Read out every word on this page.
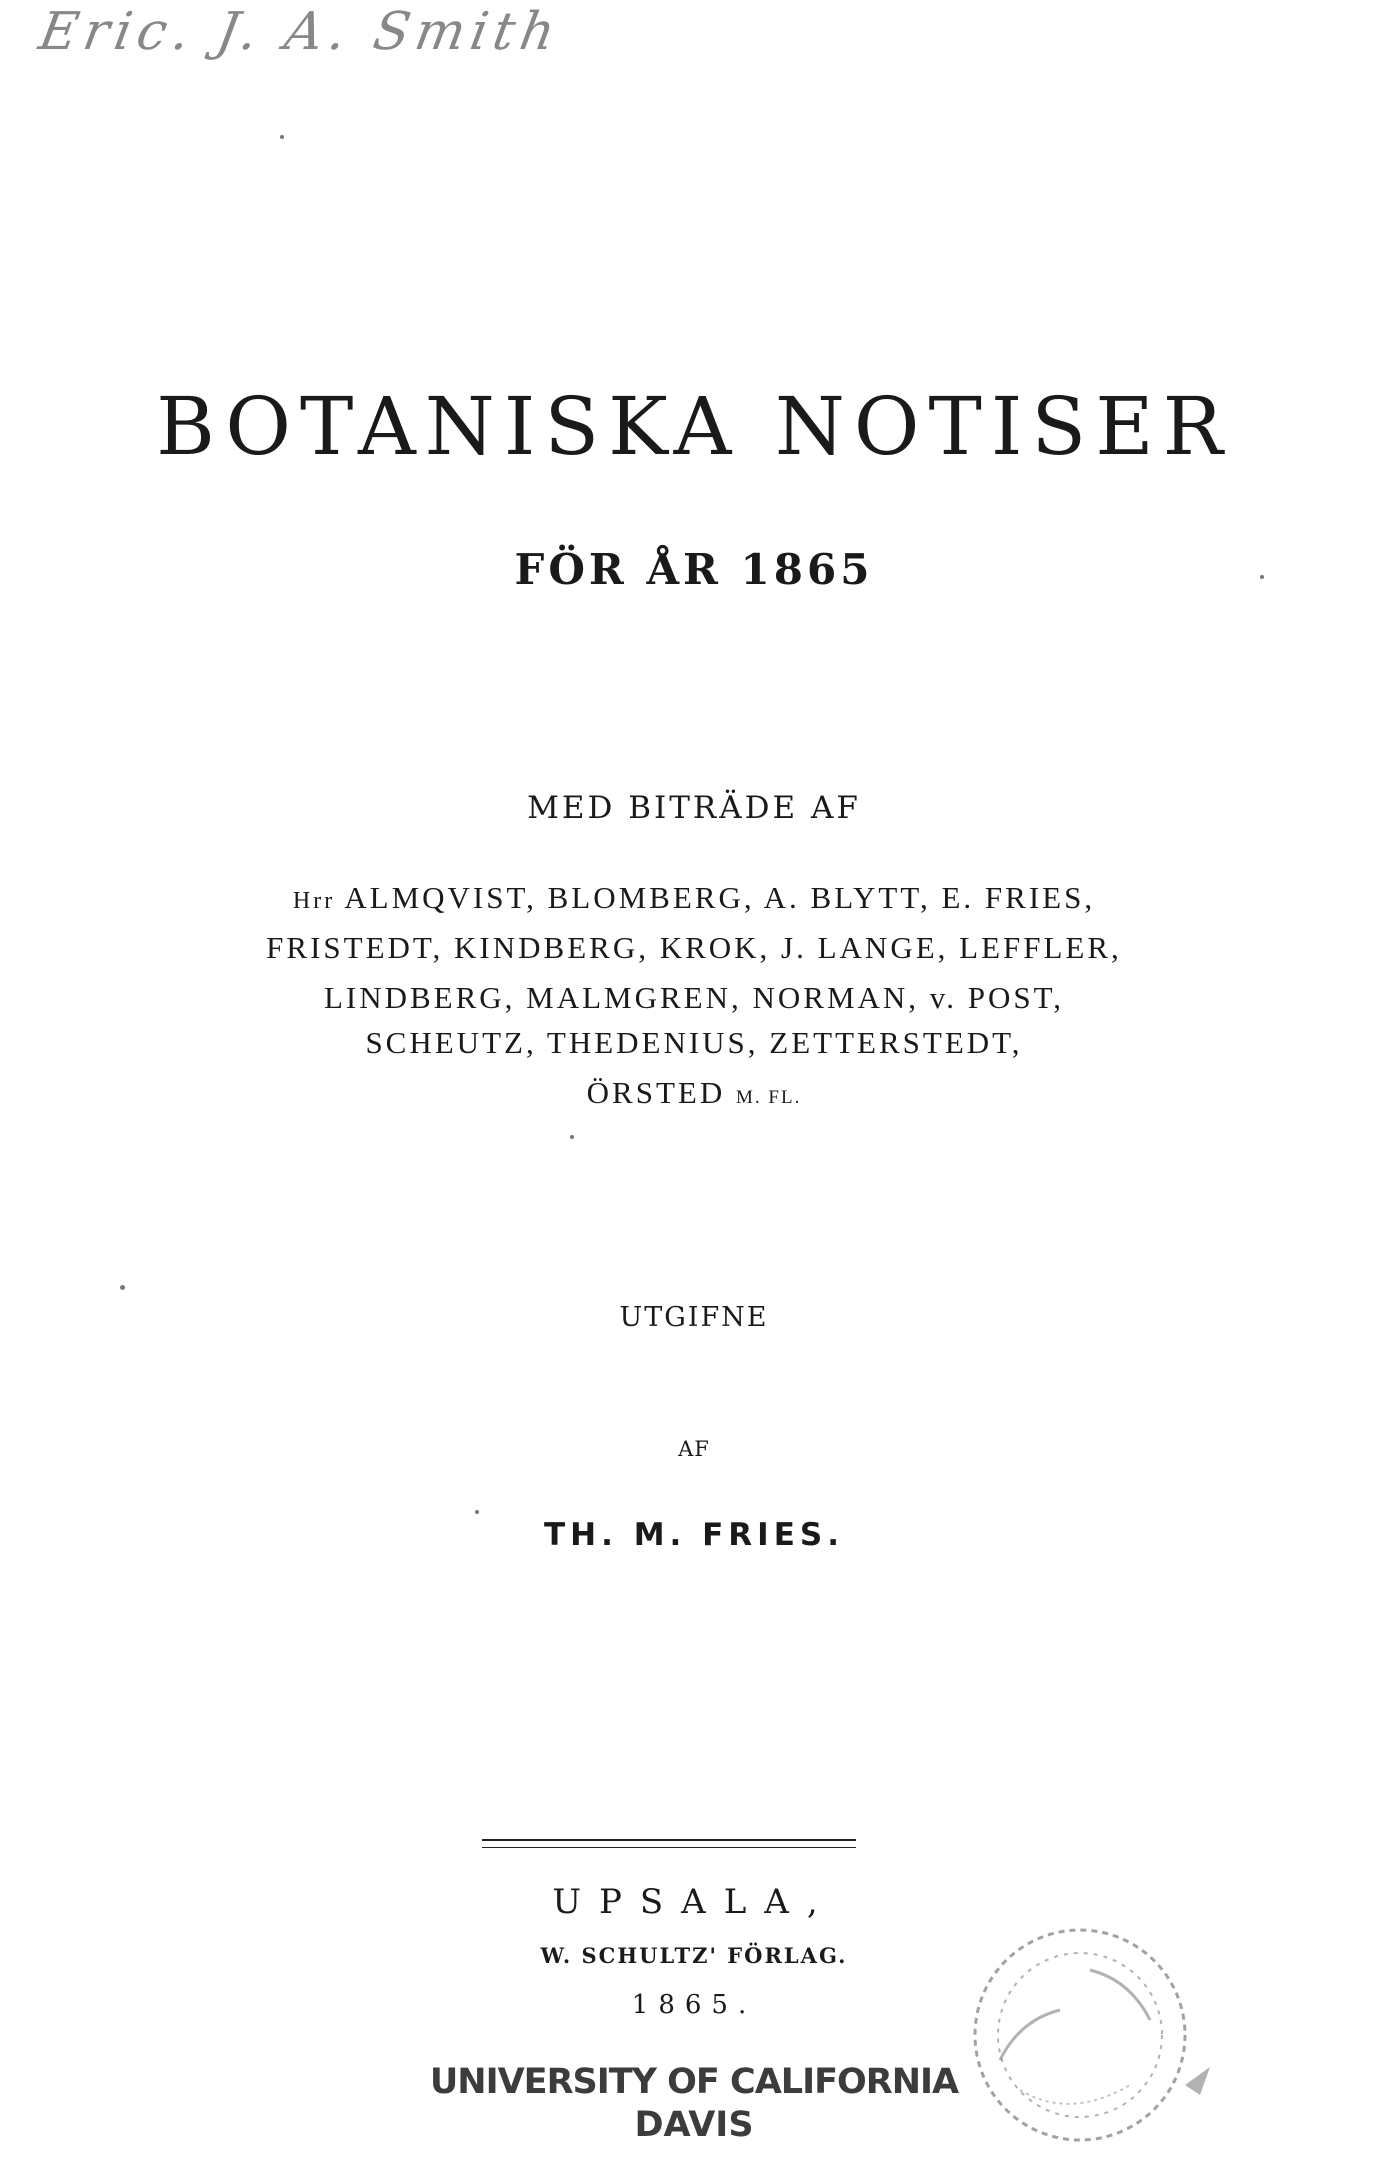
Eric. J. A. Smith
BOTANISKA NOTISER
FÖR ÅR 1865
MED BITRÄDE AF
Hrr ALMQVIST, BLOMBERG, A. BLYTT, E. FRIES,
FRISTEDT, KINDBERG, KROK, J. LANGE, LEFFLER,
LINDBERG, MALMGREN, NORMAN, v. POST,
SCHEUTZ, THEDENIUS, ZETTERSTEDT,
ÖRSTED M. FL.
UTGIFNE
AF
TH. M. FRIES.
UPSALA,
W. SCHULTZ' FÖRLAG.
1865.
UNIVERSITY OF CALIFORNIA
DAVIS
